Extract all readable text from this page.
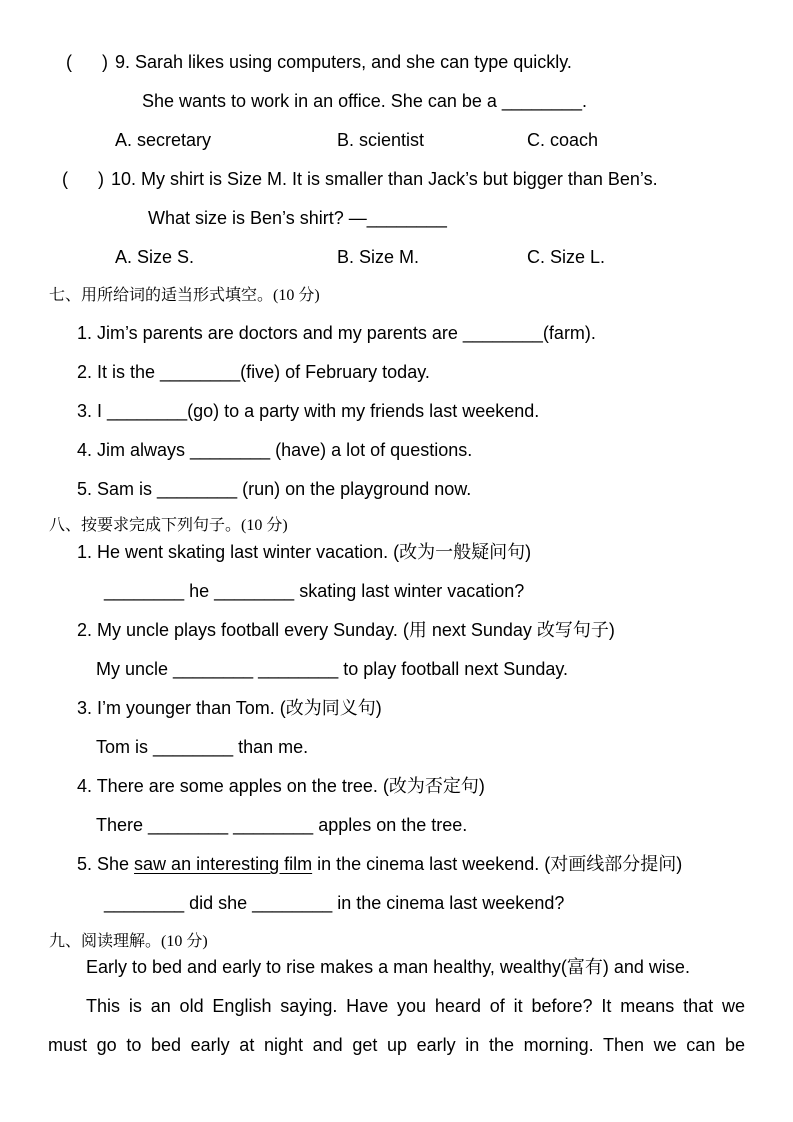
(      ) 9. Sarah likes using computers, and she can type quickly.
She wants to work in an office. She can be a ________.
A. secretary	B. scientist	C. coach
(      ) 10. My shirt is Size M. It is smaller than Jack’s but bigger than Ben’s.
What size is Ben’s shirt? —________
A. Size S.	B. Size M.	C. Size L.
七、用所给词的适当形式填空。(10 分)
1. Jim’s parents are doctors and my parents are ________(farm).
2. It is the ________(five) of February today.
3. I ________(go) to a party with my friends last weekend.
4. Jim always ________ (have) a lot of questions.
5. Sam is ________ (run) on the playground now.
八、按要求完成下列句子。(10 分)
1. He went skating last winter vacation. (改为一般疑问句)
________ he ________ skating last winter vacation?
2. My uncle plays football every Sunday. (用 next Sunday 改写句子)
My uncle ________ ________ to play football next Sunday.
3. I’m younger than Tom. (改为同义句)
Tom is ________ than me.
4. There are some apples on the tree. (改为否定句)
There ________ ________ apples on the tree.
5. She saw an interesting film in the cinema last weekend. (对画线部分提问)
________ did she ________ in the cinema last weekend?
九、阅读理解。(10 分)
Early to bed and early to rise makes a man healthy, wealthy(富有) and wise.
This is an old English saying. Have you heard of it before? It means that we
must go to bed early at night and get up early in the morning. Then we can be
